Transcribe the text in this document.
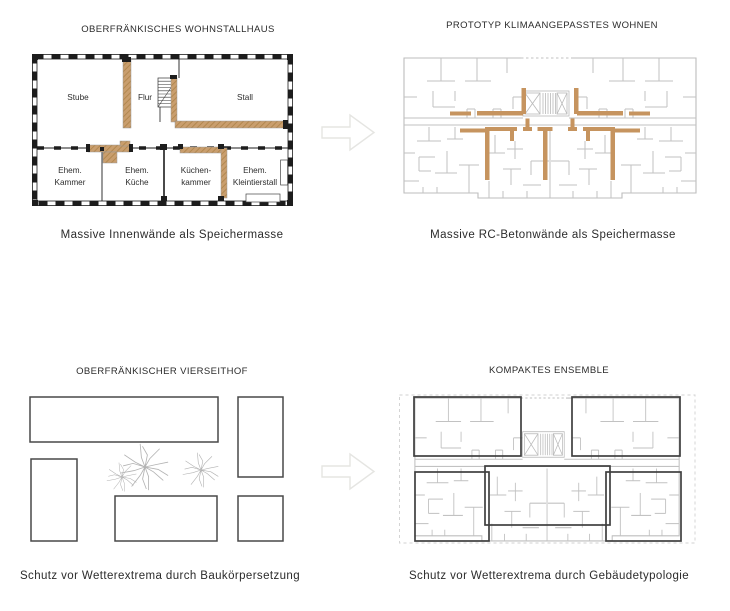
OBERFRÄNKISCHES WOHNSTALLHAUS	PROTOTYP KLIMAANGEPASSTES WOHNEN
OBERFRÄNKISCHER VIERSEITHOF	KOMPAKTES ENSEMBLE
Massive Innenwände als Speichermasse	Massive RC-Betonwände als Speichermasse
Schutz vor Wetterextrema durch Baukörpersetzung	Schutz vor Wetterextrema durch Gebäudetypologie
Stube	Flur	Stall
Ehem.
Kammer
Ehem.
Küche
Küchen-
kammer
Ehem.
Kleintierstall
